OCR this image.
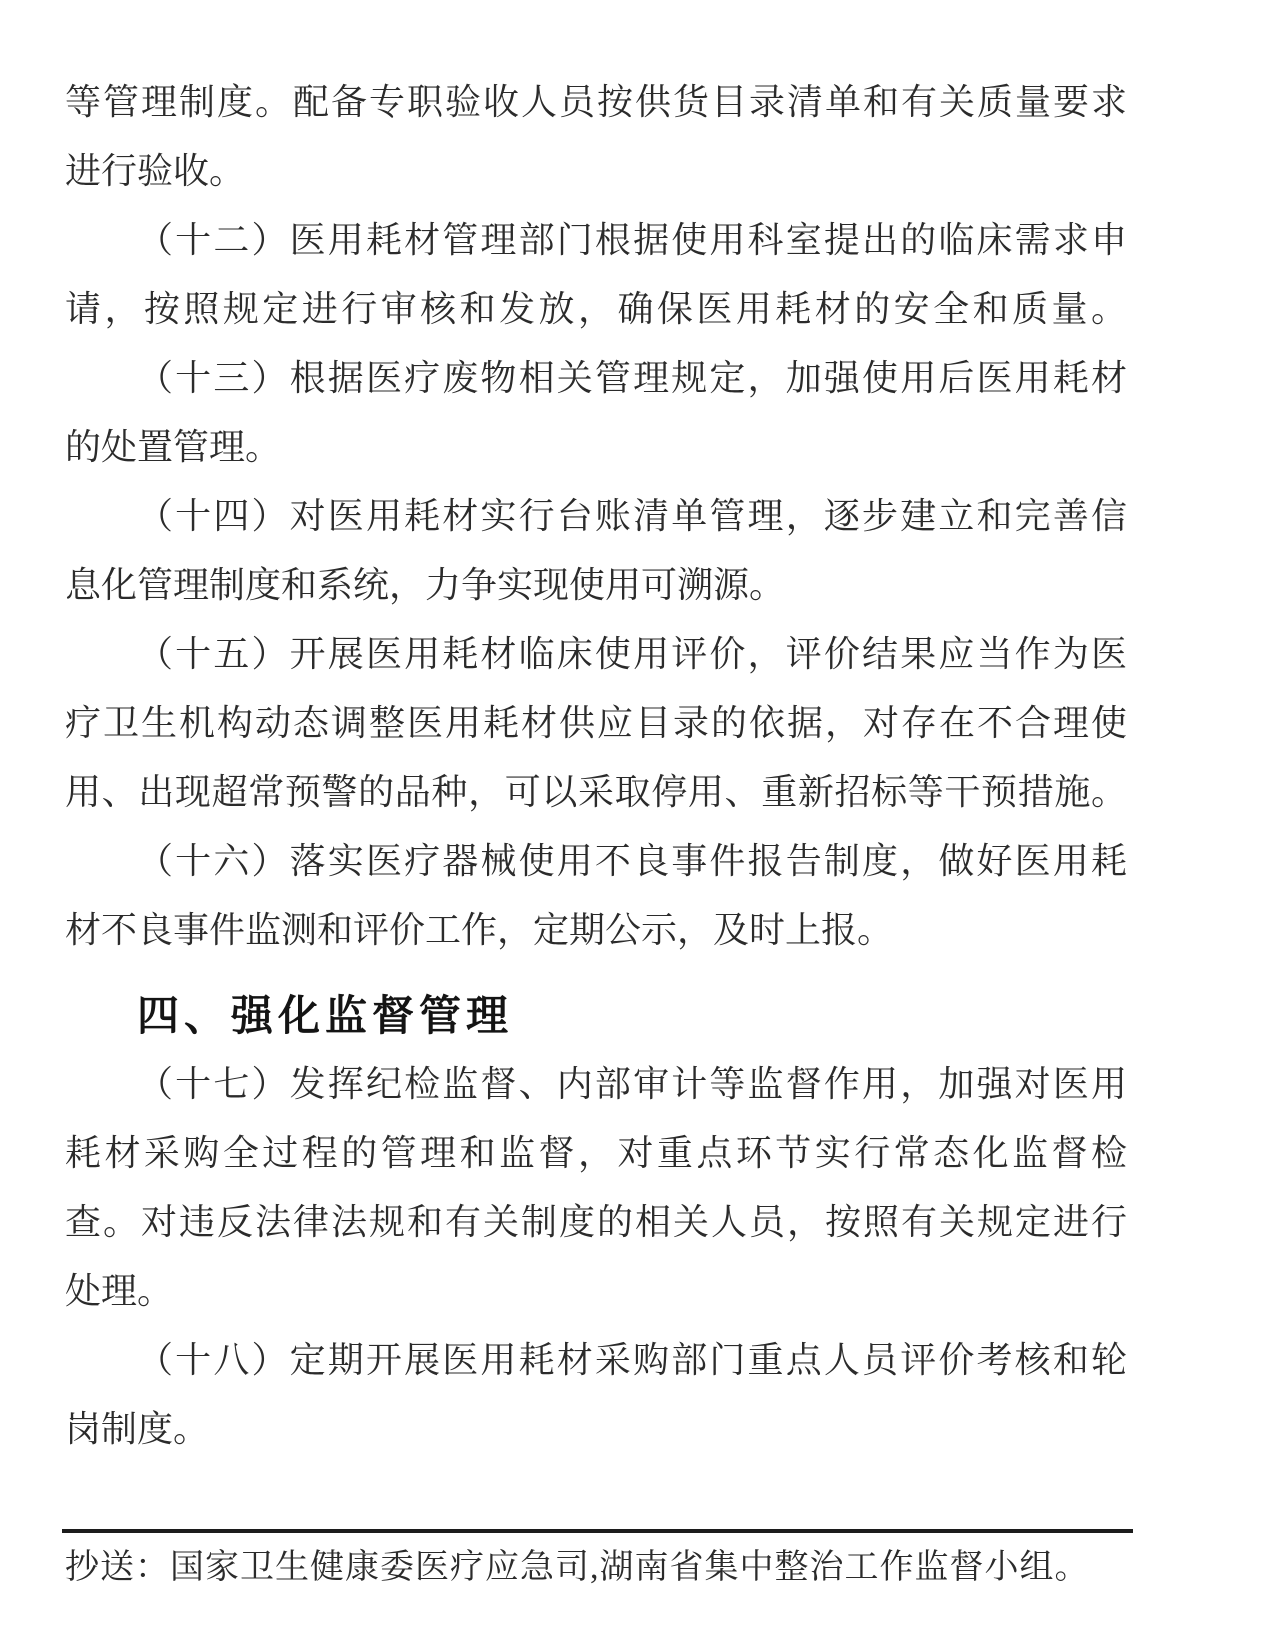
等管理制度。配备专职验收人员按供货目录清单和有关质量要求
进行验收。
（十二）医用耗材管理部门根据使用科室提出的临床需求申
请，按照规定进行审核和发放，确保医用耗材的安全和质量。
（十三）根据医疗废物相关管理规定，加强使用后医用耗材
的处置管理。
（十四）对医用耗材实行台账清单管理，逐步建立和完善信
息化管理制度和系统，力争实现使用可溯源。
（十五）开展医用耗材临床使用评价，评价结果应当作为医
疗卫生机构动态调整医用耗材供应目录的依据，对存在不合理使
用、出现超常预警的品种，可以采取停用、重新招标等干预措施。
（十六）落实医疗器械使用不良事件报告制度，做好医用耗
材不良事件监测和评价工作，定期公示，及时上报。
四、强化监督管理
（十七）发挥纪检监督、内部审计等监督作用，加强对医用
耗材采购全过程的管理和监督，对重点环节实行常态化监督检
查。对违反法律法规和有关制度的相关人员，按照有关规定进行
处理。
（十八）定期开展医用耗材采购部门重点人员评价考核和轮
岗制度。

抄送：国家卫生健康委医疗应急司,湖南省集中整治工作监督小组。
